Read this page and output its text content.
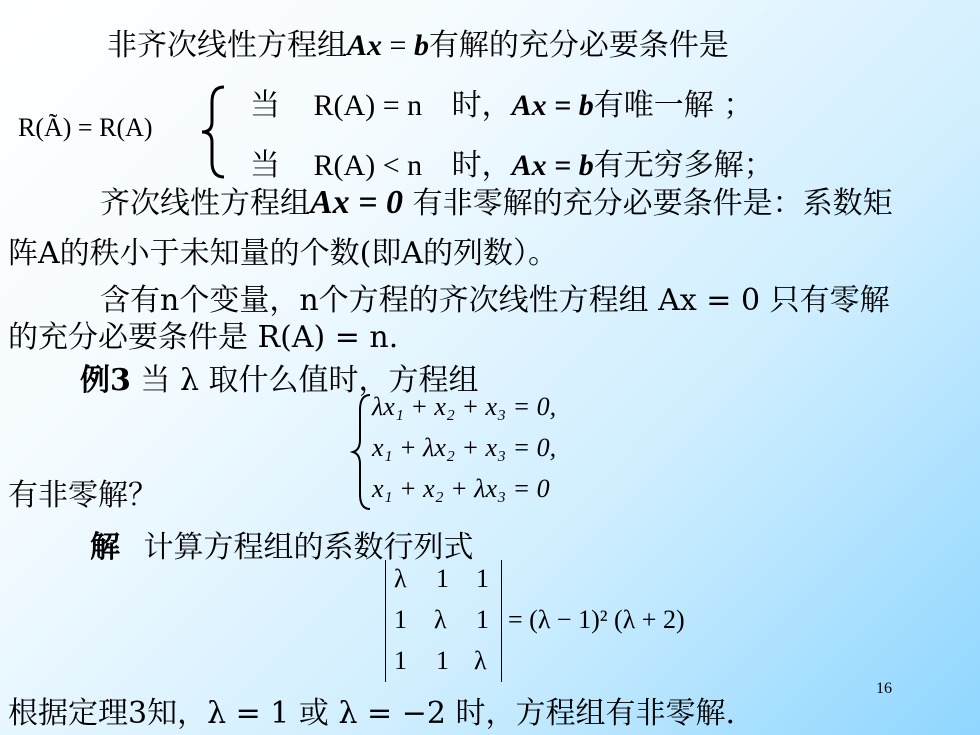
非齐次线性方程组Ax = b有解的充分必要条件是
R(Ã) = R(A)
当 R(A) = n 时，Ax = b有唯一解 ；
当 R(A) < n 时，Ax = b有无穷多解；
齐次线性方程组Ax = 0 有非零解的充分必要条件是：系数矩
阵A的秩小于未知量的个数(即A的列数）。
含有n个变量，n个方程的齐次线性方程组 Ax = 0 只有零解
的充分必要条件是 R(A) = n.
例3 当 λ 取什么值时，方程组
λx₁ + x₂ + x₃ = 0,
x₁ + λx₂ + x₃ = 0,
x₁ + x₂ + λx₃ = 0
有非零解？
解 计算方程组的系数行列式
λ 1 1
1 λ 1
1 1 λ
= (λ − 1)² (λ + 2)
根据定理3知，λ = 1 或 λ = −2 时，方程组有非零解.
16
